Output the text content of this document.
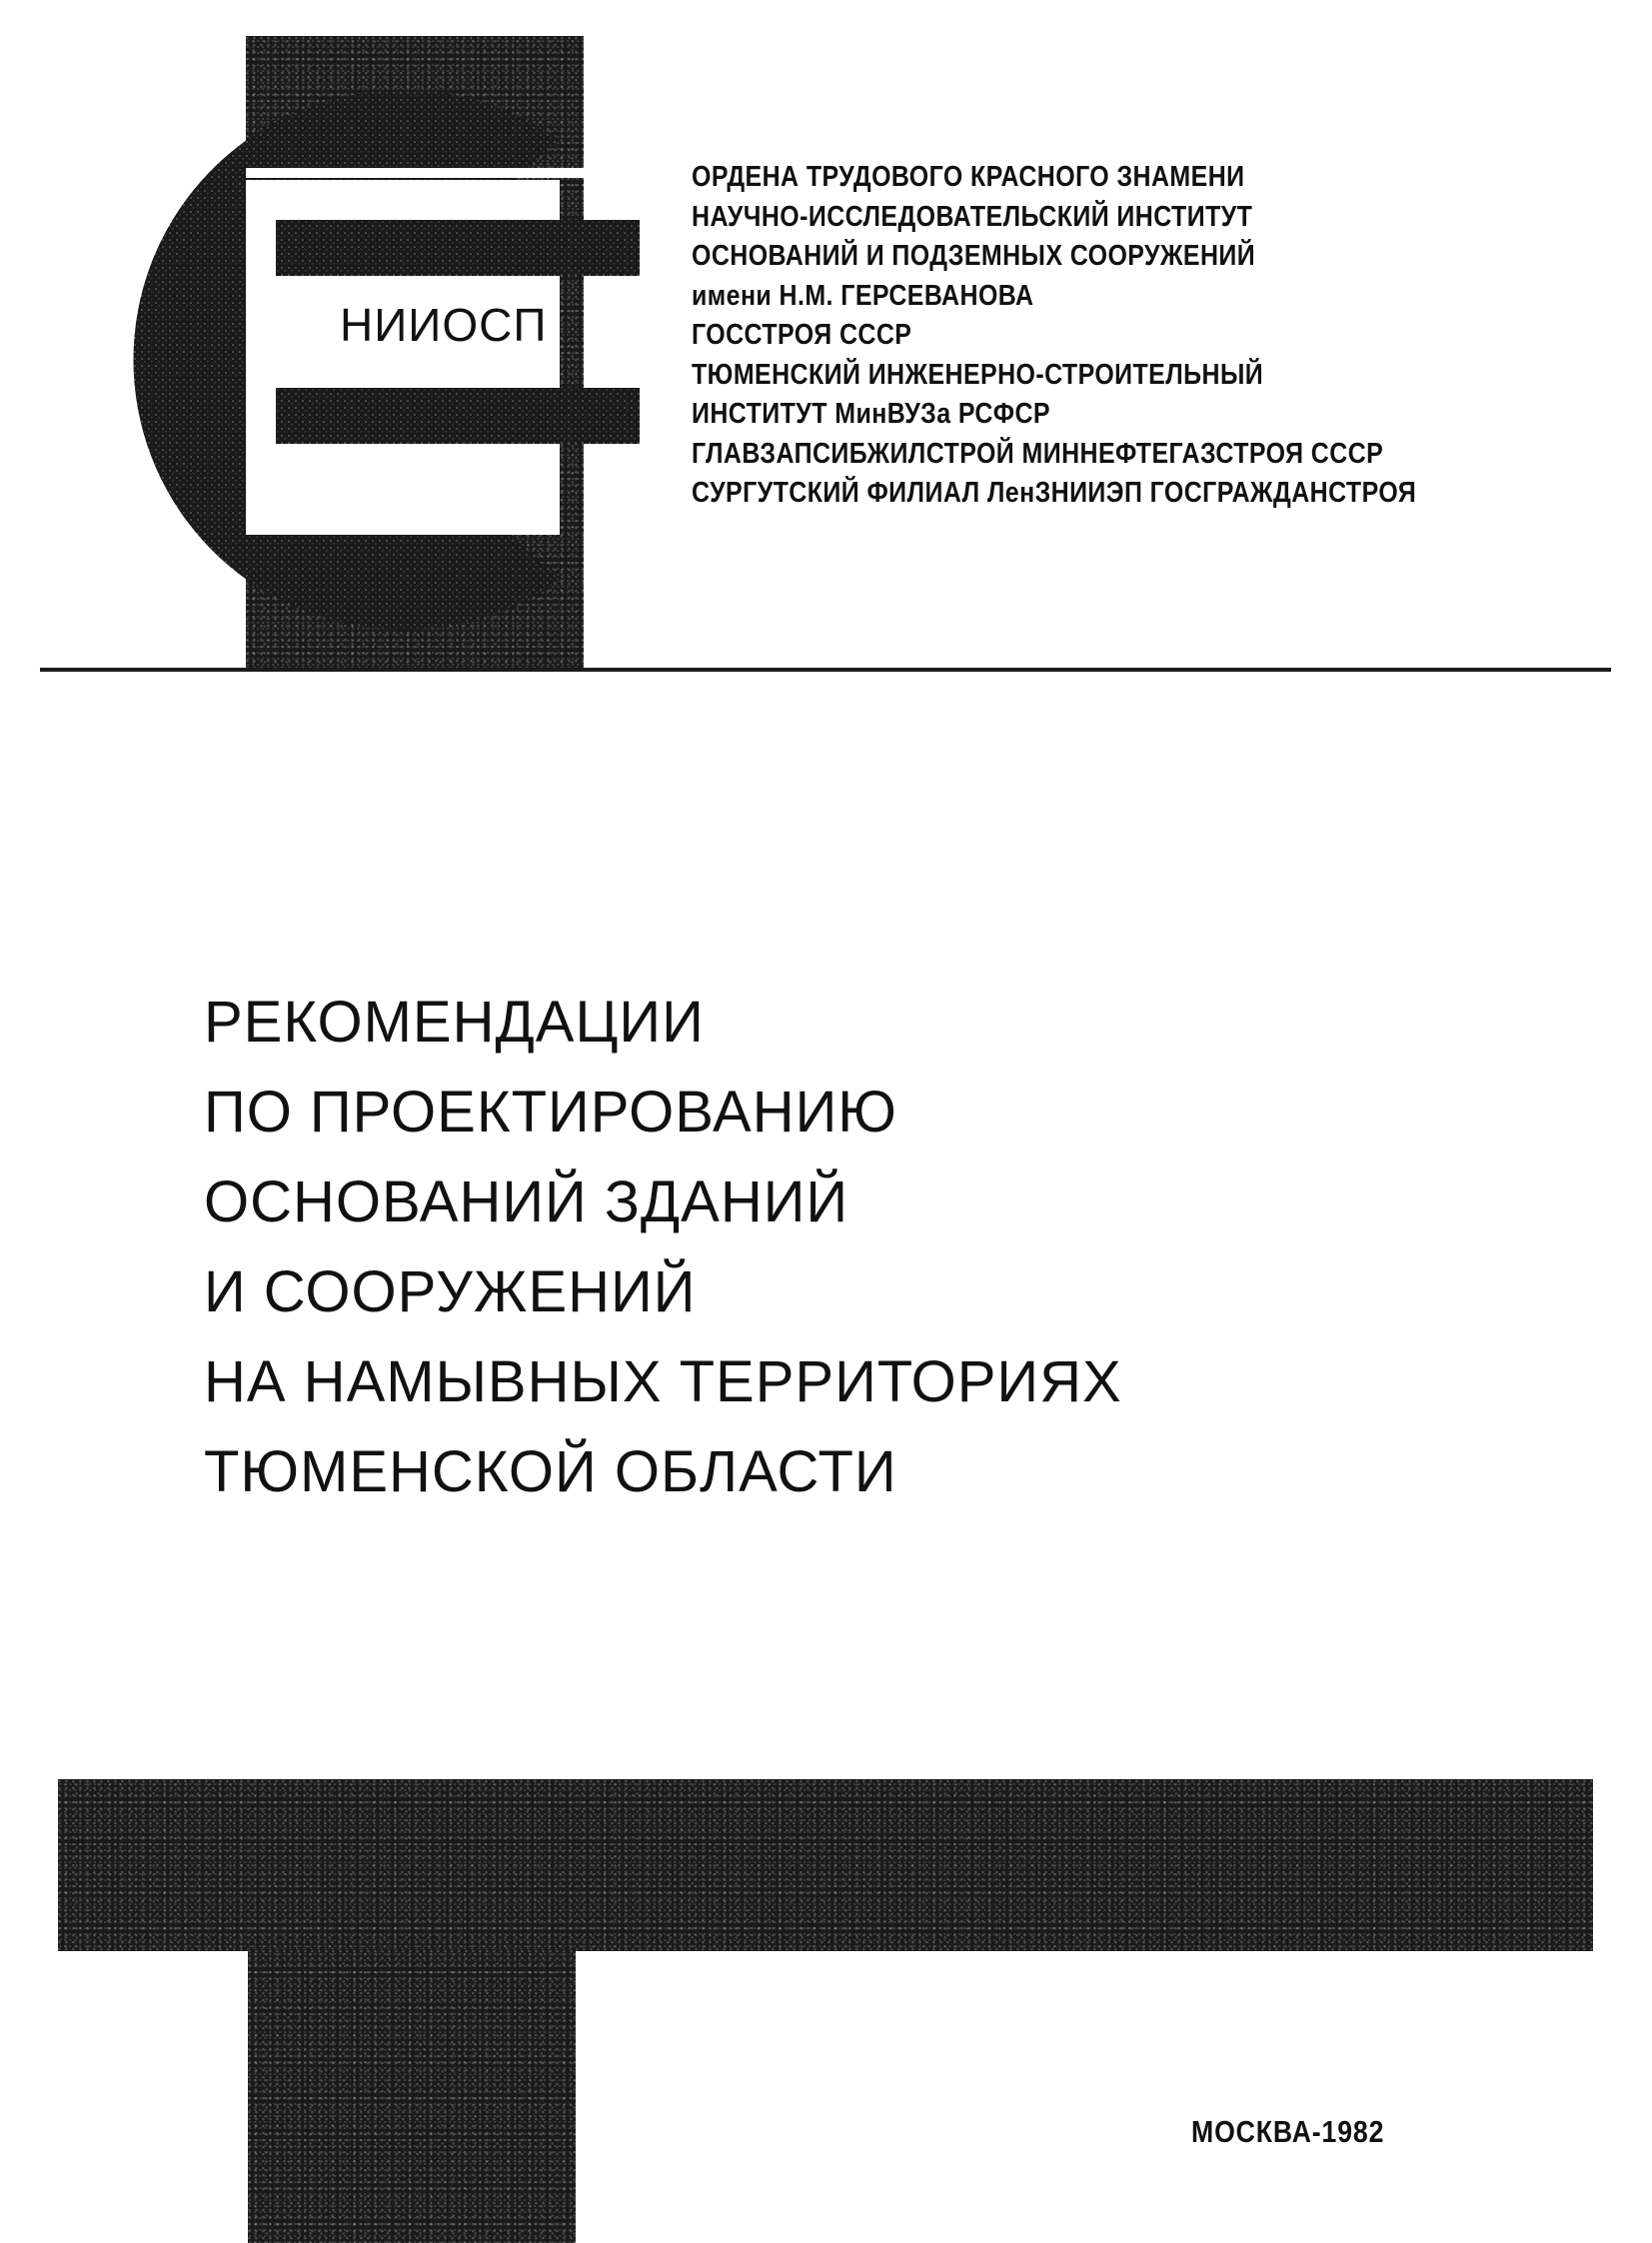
НИИОСП
ОРДЕНА ТРУДОВОГО КРАСНОГО ЗНАМЕНИ
НАУЧНО-ИССЛЕДОВАТЕЛЬСКИЙ ИНСТИТУТ
ОСНОВАНИЙ И ПОДЗЕМНЫХ СООРУЖЕНИЙ
имени Н.М. ГЕРСЕВАНОВА
ГОССТРОЯ СССР
ТЮМЕНСКИЙ ИНЖЕНЕРНО-СТРОИТЕЛЬНЫЙ
ИНСТИТУТ МинВУЗа РСФСР
ГЛАВЗАПСИБЖИЛСТРОЙ МИННЕФТЕГАЗСТРОЯ СССР
СУРГУТСКИЙ ФИЛИАЛ ЛенЗНИИЭП ГОСГРАЖДАНСТРОЯ
РЕКОМЕНДАЦИИ
ПО ПРОЕКТИРОВАНИЮ
ОСНОВАНИЙ ЗДАНИЙ
И СООРУЖЕНИЙ
НА НАМЫВНЫХ ТЕРРИТОРИЯХ
ТЮМЕНСКОЙ ОБЛАСТИ
МОСКВА-1982
